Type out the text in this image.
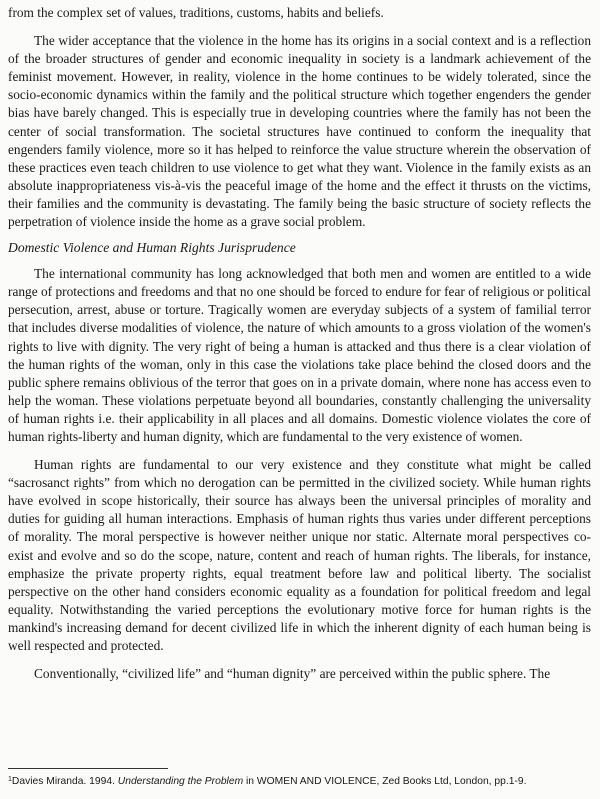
from the complex set of values, traditions, customs, habits and beliefs.

The wider acceptance that the violence in the home has its origins in a social context and is a reflection of the broader structures of gender and economic inequality in society is a landmark achievement of the feminist movement. However, in reality, violence in the home continues to be widely tolerated, since the socio-economic dynamics within the family and the political structure which together engenders the gender bias have barely changed. This is especially true in developing countries where the family has not been the center of social transformation. The societal structures have continued to conform the inequality that engenders family violence, more so it has helped to reinforce the value structure wherein the observation of these practices even teach children to use violence to get what they want. Violence in the family exists as an absolute inappropriateness vis-à-vis the peaceful image of the home and the effect it thrusts on the victims, their families and the community is devastating. The family being the basic structure of society reflects the perpetration of violence inside the home as a grave social problem.

Domestic Violence and Human Rights Jurisprudence

The international community has long acknowledged that both men and women are entitled to a wide range of protections and freedoms and that no one should be forced to endure for fear of religious or political persecution, arrest, abuse or torture. Tragically women are everyday subjects of a system of familial terror that includes diverse modalities of violence, the nature of which amounts to a gross violation of the women's rights to live with dignity. The very right of being a human is attacked and thus there is a clear violation of the human rights of the woman, only in this case the violations take place behind the closed doors and the public sphere remains oblivious of the terror that goes on in a private domain, where none has access even to help the woman. These violations perpetuate beyond all boundaries, constantly challenging the universality of human rights i.e. their applicability in all places and all domains. Domestic violence violates the core of human rights-liberty and human dignity, which are fundamental to the very existence of women.

Human rights are fundamental to our very existence and they constitute what might be called “sacrosanct rights” from which no derogation can be permitted in the civilized society. While human rights have evolved in scope historically, their source has always been the universal principles of morality and duties for guiding all human interactions. Emphasis of human rights thus varies under different perceptions of morality. The moral perspective is however neither unique nor static. Alternate moral perspectives co-exist and evolve and so do the scope, nature, content and reach of human rights. The liberals, for instance, emphasize the private property rights, equal treatment before law and political liberty. The socialist perspective on the other hand considers economic equality as a foundation for political freedom and legal equality. Notwithstanding the varied perceptions the evolutionary motive force for human rights is the mankind's increasing demand for decent civilized life in which the inherent dignity of each human being is well respected and protected.

Conventionally, “civilized life” and “human dignity” are perceived within the public sphere. The

$^1$Davies Miranda. 1994. Understanding the Problem in WOMEN AND VIOLENCE, Zed Books Ltd, London, pp.1-9.
